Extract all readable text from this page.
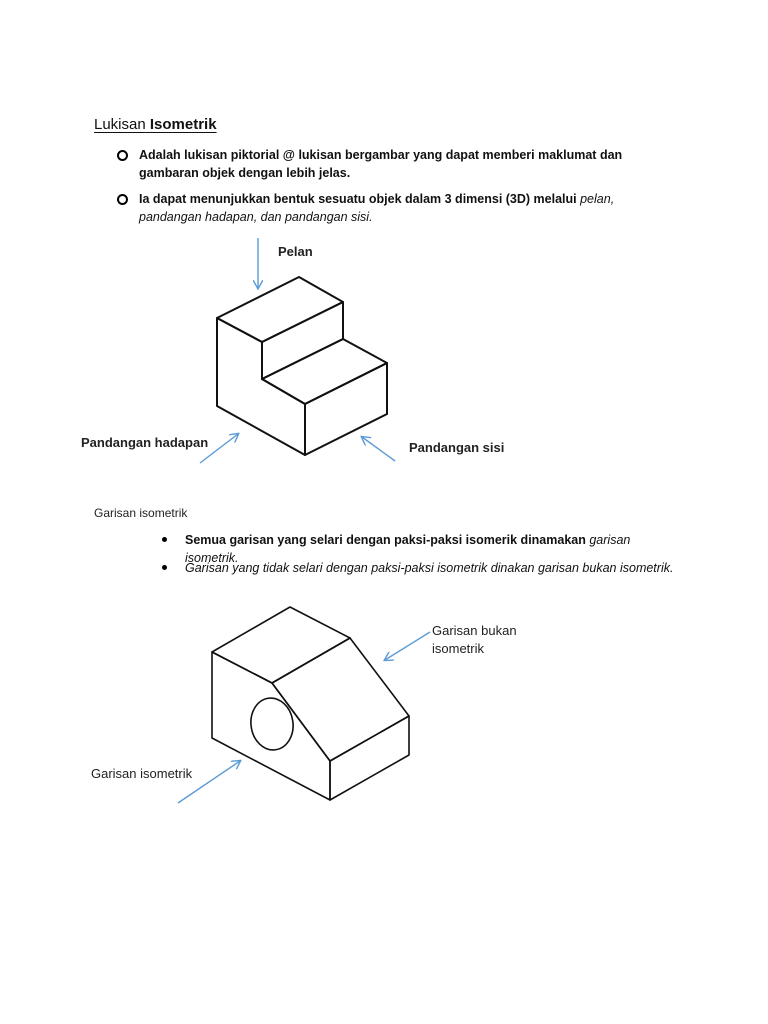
Lukisan Isometrik
Adalah lukisan piktorial @ lukisan bergambar yang dapat memberi maklumat dan gambaran objek dengan lebih jelas.
Ia dapat menunjukkan bentuk sesuatu objek dalam 3 dimensi (3D) melalui pelan, pandangan hadapan, dan pandangan sisi.
Pelan
Pandangan hadapan	Pandangan sisi
Garisan isometrik
Semua garisan yang selari dengan paksi-paksi isomerik dinamakan garisan isometrik.
Garisan yang tidak selari dengan paksi-paksi isometrik dinakan garisan bukan isometrik.
Garisan bukan
isometrik
Garisan isometrik
